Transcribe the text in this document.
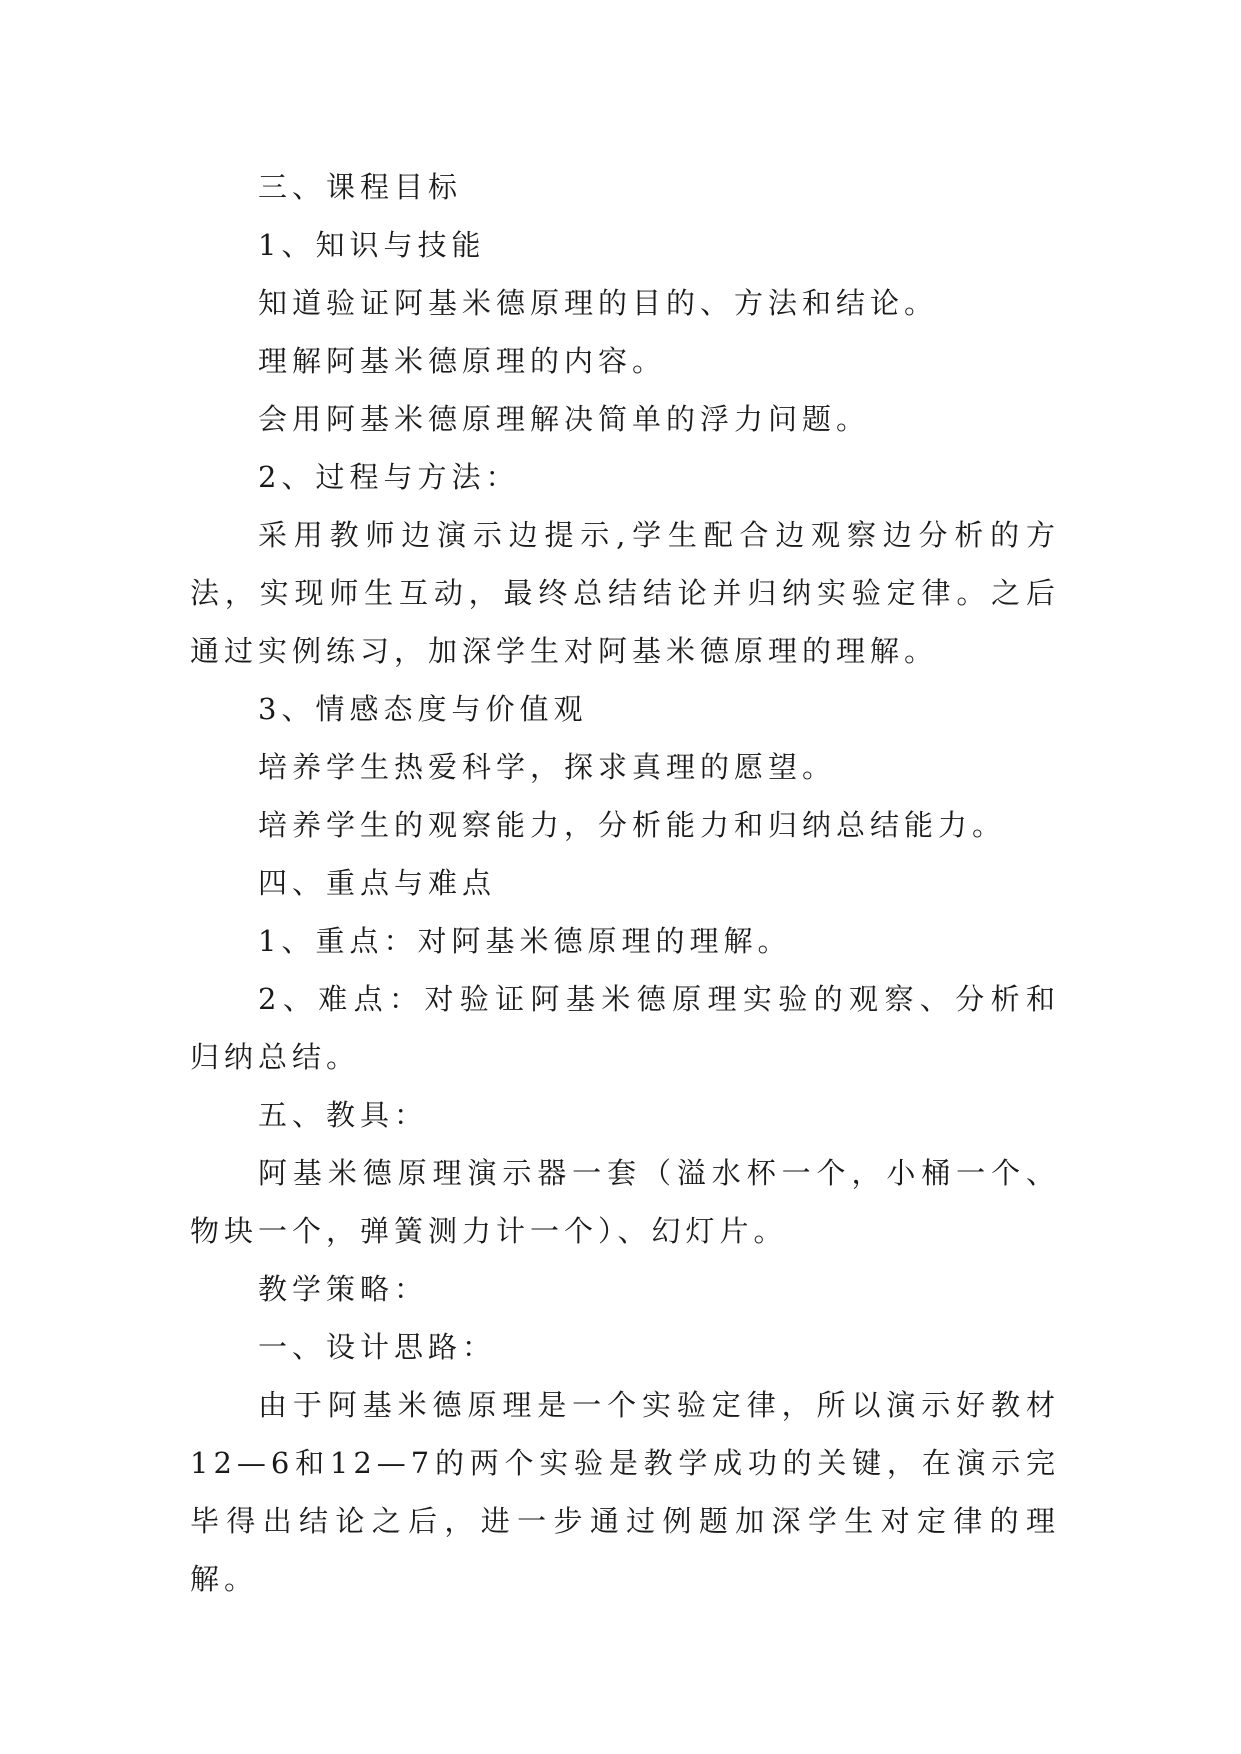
三、课程目标

1、知识与技能

知道验证阿基米德原理的目的、方法和结论。

理解阿基米德原理的内容。

会用阿基米德原理解决简单的浮力问题。

2、过程与方法：

采用教师边演示边提示,学生配合边观察边分析的方法，实现师生互动，最终总结结论并归纳实验定律。之后通过实例练习，加深学生对阿基米德原理的理解。

3、情感态度与价值观

培养学生热爱科学，探求真理的愿望。

培养学生的观察能力，分析能力和归纳总结能力。

四、重点与难点

1、重点：对阿基米德原理的理解。

2、难点：对验证阿基米德原理实验的观察、分析和归纳总结。

五、教具：

阿基米德原理演示器一套（溢水杯一个，小桶一个、物块一个，弹簧测力计一个）、幻灯片。

教学策略：

一、设计思路：

由于阿基米德原理是一个实验定律，所以演示好教材12—6和12—7的两个实验是教学成功的关键，在演示完毕得出结论之后，进一步通过例题加深学生对定律的理解。
